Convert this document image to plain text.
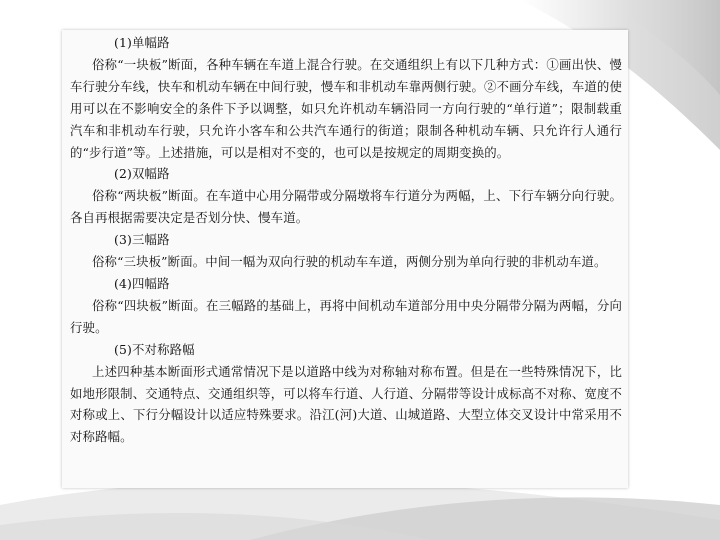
(1)单幅路

俗称“一块板”断面，各种车辆在车道上混合行驶。在交通组织上有以下几种方式：①画出快、慢车行驶分车线，快车和机动车辆在中间行驶，慢车和非机动车靠两侧行驶。②不画分车线，车道的使用可以在不影响安全的条件下予以调整，如只允许机动车辆沿同一方向行驶的“单行道”；限制载重汽车和非机动车行驶，只允许小客车和公共汽车通行的街道；限制各种机动车辆、只允许行人通行的“步行道”等。上述措施，可以是相对不变的，也可以是按规定的周期变换的。

(2)双幅路

俗称“两块板”断面。在车道中心用分隔带或分隔墩将车行道分为两幅，上、下行车辆分向行驶。各自再根据需要决定是否划分快、慢车道。

(3)三幅路

俗称“三块板”断面。中间一幅为双向行驶的机动车车道，两侧分别为单向行驶的非机动车道。

(4)四幅路

俗称“四块板”断面。在三幅路的基础上，再将中间机动车道部分用中央分隔带分隔为两幅，分向行驶。

(5)不对称路幅

上述四种基本断面形式通常情况下是以道路中线为对称轴对称布置。但是在一些特殊情况下，比如地形限制、交通特点、交通组织等，可以将车行道、人行道、分隔带等设计成标高不对称、宽度不对称或上、下行分幅设计以适应特殊要求。沿江(河)大道、山城道路、大型立体交叉设计中常采用不对称路幅。
